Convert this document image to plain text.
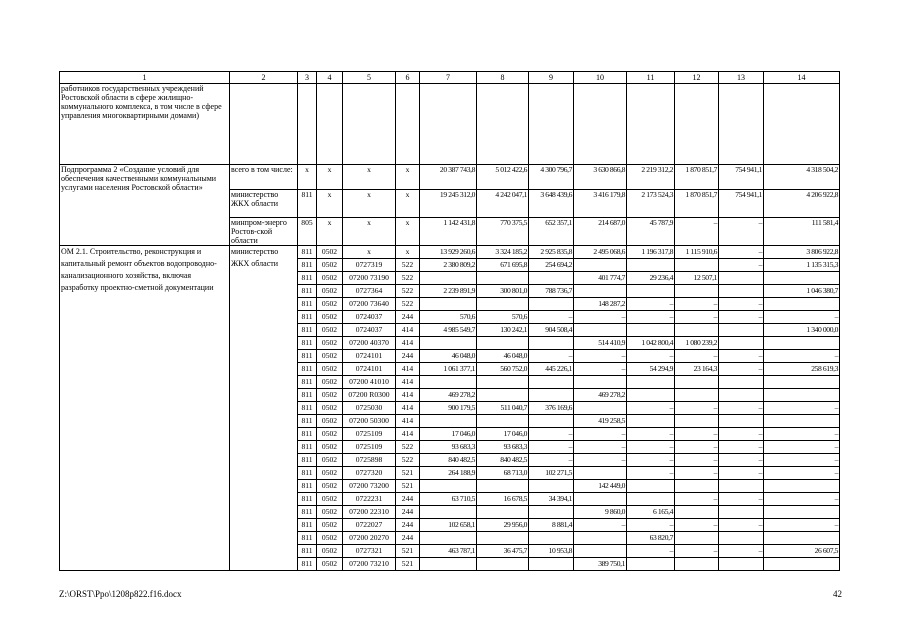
1	2	3	4	5	6	7	8	9	10	11	12	13	14
работников государственных учреждений Ростовской области в сфере жилищно-коммунального комплекса, в том числе в сфере управления многоквартирными домами)													
Подпрограмма 2 «Создание условий для обеспечения качественными коммунальными услугами населения Ростовской области»	всего в том числе:	x	x	x	x	20 387 743,8	5 012 422,6	4 300 796,7	3 630 866,8	2 219 312,2	1 870 851,7	754 941,1	4 318 504,2
	министерство ЖКХ области	811	x	x	x	19 245 312,0	4 242 047,1	3 648 439,6	3 416 179,8	2 173 524,3	1 870 851,7	754 941,1	4 206 922,8
	минпром-энерго Ростов-ской области	805	x	x	x	1 142 431,8	770 375,5	652 357,1	214 687,0	45 787,9	–	–	111 581,4
ОМ 2.1. Строительство, реконструкция и капитальный ремонт объектов водопроводно-канализационного хозяйства, включая разработку проектно-сметной документации	министерство ЖКХ области	811	0502	x	x	13 929 260,6	3 324 185,2	2 925 835,8	2 495 068,6	1 196 317,8	1 115 910,6	–	3 806 922,8
		811	0502	0727319	522	2 380 809,2	671 695,8	254 694,2				–	1 135 315,3
		811	0502	07200 73190	522				401 774,7	29 236,4	12 507,1		
		811	0502	0727364	522	2 239 891,9	300 801,0	788 736,7					1 046 380,7
		811	0502	07200 73640	522				148 287,2	–	–	–	
		811	0502	0724037	244	570,6	570,6	–	–	–	–	–	–
		811	0502	0724037	414	4 985 549,7	130 242,1	904 508,4					1 340 000,0
		811	0502	07200 40370	414				514 410,9	1 042 800,4	1 080 239,2		
		811	0502	0724101	244	46 048,0	46 048,0	–	–	–	–	–	–
		811	0502	0724101	414	1 061 377,1	560 752,0	445 226,1	–	54 294,9	23 164,3	–	258 619,3
		811	0502	07200 41010	414								
		811	0502	07200 R0300	414	469 278,2			469 278,2				
		811	0502	0725030	414	900 179,5	511 040,7	376 169,6		–	–	–	–
		811	0502	07200 50300	414				419 258,5				
		811	0502	0725109	414	17 046,0	17 046,0	–	–	–	–	–	–
		811	0502	0725109	522	93 683,3	93 683,3	–	–	–	–	–	–
		811	0502	0725898	522	840 482,5	840 482,5	–	–	–	–	–	–
		811	0502	0727320	521	264 188,9	68 713,0	102 271,5		–	–	–	–
		811	0502	07200 73200	521				142 449,0				
		811	0502	0722231	244	63 710,5	16 678,5	34 394,1			–	–	–
		811	0502	07200 22310	244				9 860,0	6 165,4			
		811	0502	0722027	244	102 658,1	29 956,0	8 881,4	–	–	–	–	–
		811	0502	07200 20270	244					63 820,7			
		811	0502	0727321	521	463 787,1	36 475,7	10 953,8		–	–	–	26 607,5
		811	0502	07200 73210	521				389 750,1				
Z:\ORST\Ppo\1208p822.f16.docx	42
